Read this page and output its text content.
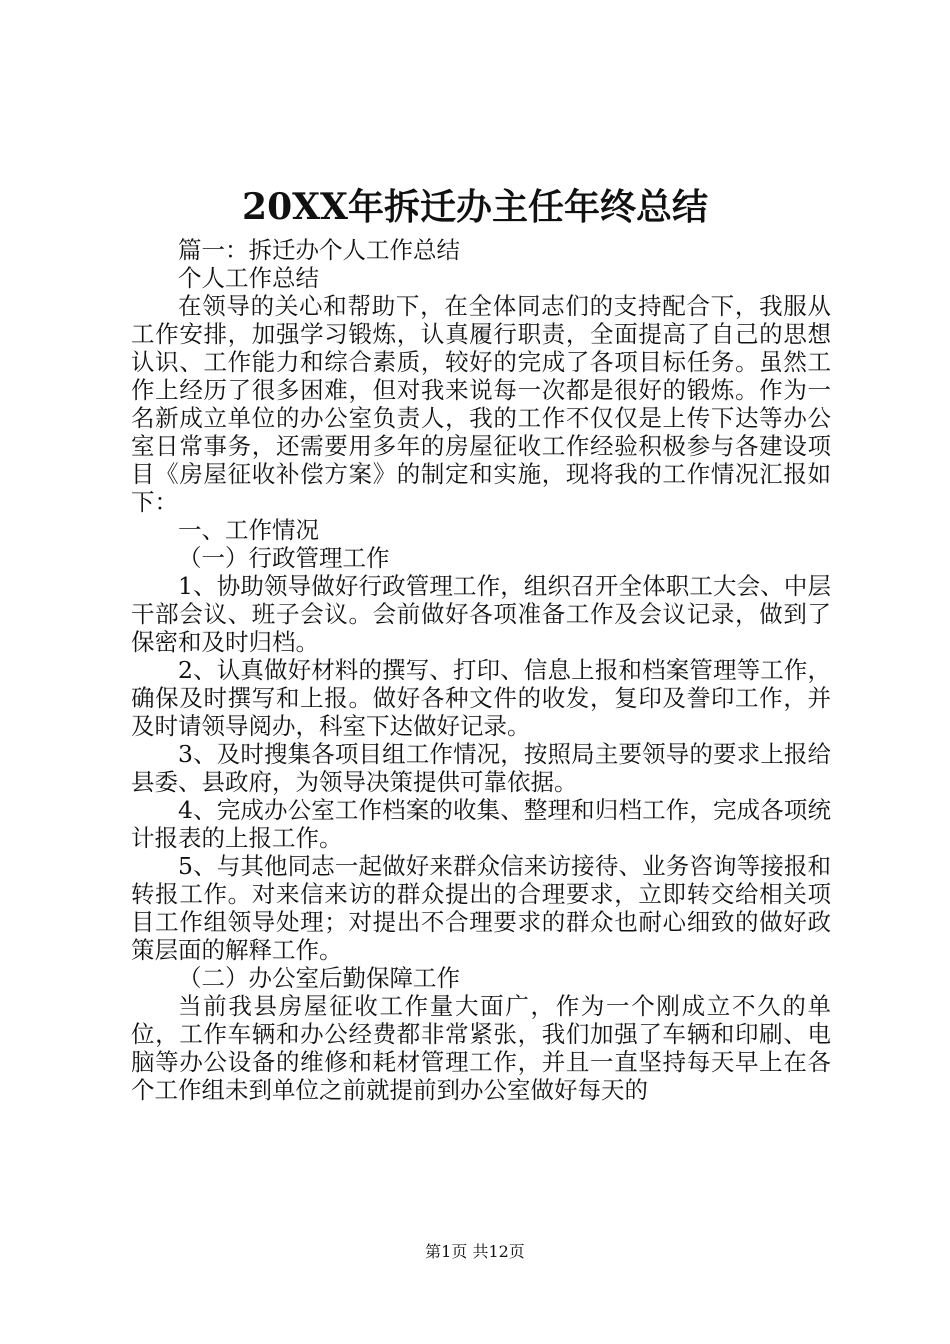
20XX年拆迁办主任年终总结

篇一：拆迁办个人工作总结

个人工作总结

在领导的关心和帮助下，在全体同志们的支持配合下，我服从工作安排，加强学习锻炼，认真履行职责，全面提高了自己的思想认识、工作能力和综合素质，较好的完成了各项目标任务。虽然工作上经历了很多困难，但对我来说每一次都是很好的锻炼。作为一名新成立单位的办公室负责人，我的工作不仅仅是上传下达等办公室日常事务，还需要用多年的房屋征收工作经验积极参与各建设项目《房屋征收补偿方案》的制定和实施，现将我的工作情况汇报如下：

一、工作情况

（一）行政管理工作

1、协助领导做好行政管理工作，组织召开全体职工大会、中层干部会议、班子会议。会前做好各项准备工作及会议记录，做到了保密和及时归档。

2、认真做好材料的撰写、打印、信息上报和档案管理等工作，确保及时撰写和上报。做好各种文件的收发，复印及誊印工作，并及时请领导阅办，科室下达做好记录。

3、及时搜集各项目组工作情况，按照局主要领导的要求上报给县委、县政府，为领导决策提供可靠依据。

4、完成办公室工作档案的收集、整理和归档工作，完成各项统计报表的上报工作。

5、与其他同志一起做好来群众信来访接待、业务咨询等接报和转报工作。对来信来访的群众提出的合理要求，立即转交给相关项目工作组领导处理；对提出不合理要求的群众也耐心细致的做好政策层面的解释工作。

（二）办公室后勤保障工作

当前我县房屋征收工作量大面广，作为一个刚成立不久的单位，工作车辆和办公经费都非常紧张，我们加强了车辆和印刷、电脑等办公设备的维修和耗材管理工作，并且一直坚持每天早上在各个工作组未到单位之前就提前到办公室做好每天的

第1页 共12页
